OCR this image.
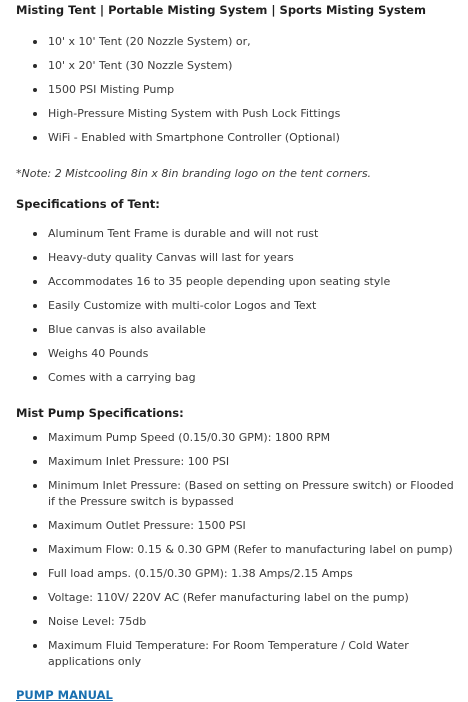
Misting Tent | Portable Misting System | Sports Misting System
10' x 10' Tent (20 Nozzle System) or,
10' x 20' Tent (30 Nozzle System)
1500 PSI Misting Pump
High-Pressure Misting System with Push Lock Fittings
WiFi - Enabled with Smartphone Controller (Optional)
*Note: 2 Mistcooling 8in x 8in branding logo on the tent corners.
Specifications of Tent:
Aluminum Tent Frame is durable and will not rust
Heavy-duty quality Canvas will last for years
Accommodates 16 to 35 people depending upon seating style
Easily Customize with multi-color Logos and Text
Blue canvas is also available
Weighs 40 Pounds
Comes with a carrying bag
Mist Pump Specifications:
Maximum Pump Speed (0.15/0.30 GPM): 1800 RPM
Maximum Inlet Pressure: 100 PSI
Minimum Inlet Pressure: (Based on setting on Pressure switch) or Flooded if the Pressure switch is bypassed
Maximum Outlet Pressure: 1500 PSI
Maximum Flow: 0.15 & 0.30 GPM (Refer to manufacturing label on pump)
Full load amps. (0.15/0.30 GPM): 1.38 Amps/2.15 Amps
Voltage: 110V/ 220V AC (Refer manufacturing label on the pump)
Noise Level: 75db
Maximum Fluid Temperature: For Room Temperature / Cold Water applications only
PUMP MANUAL
